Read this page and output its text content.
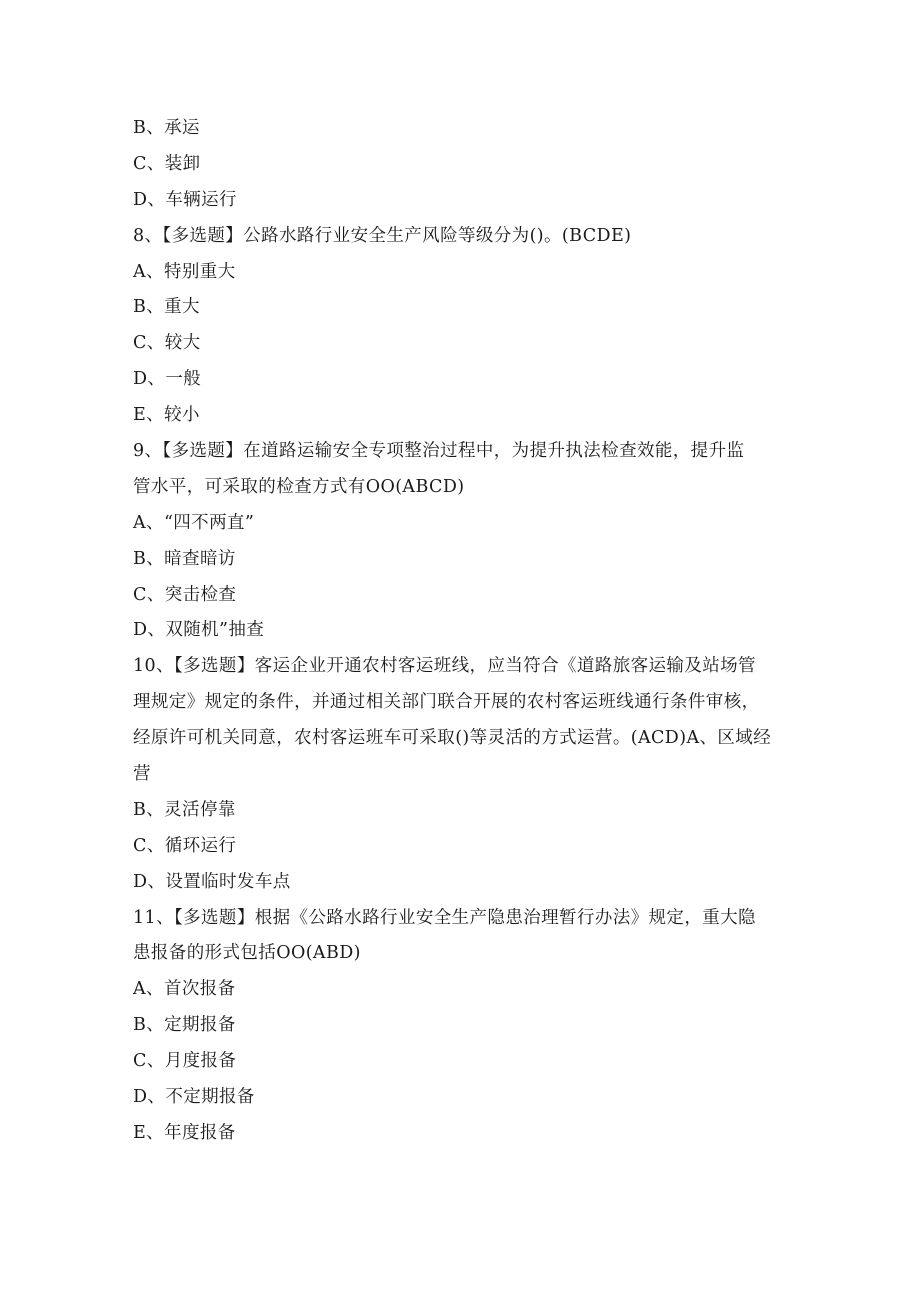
B、承运
C、装卸
D、车辆运行
8、【多选题】公路水路行业安全生产风险等级分为()。(BCDE)
A、特别重大
B、重大
C、较大
D、一般
E、较小
9、【多选题】在道路运输安全专项整治过程中，为提升执法检查效能，提升监
管水平，可采取的检查方式有OO(ABCD)
A、“四不两直”
B、暗查暗访
C、突击检查
D、双随机”抽查
10、【多选题】客运企业开通农村客运班线，应当符合《道路旅客运输及站场管
理规定》规定的条件，并通过相关部门联合开展的农村客运班线通行条件审核，
经原许可机关同意，农村客运班车可采取()等灵活的方式运营。(ACD)A、区域经
营
B、灵活停靠
C、循环运行
D、设置临时发车点
11、【多选题】根据《公路水路行业安全生产隐患治理暂行办法》规定，重大隐
患报备的形式包括OO(ABD)
A、首次报备
B、定期报备
C、月度报备
D、不定期报备
E、年度报备
